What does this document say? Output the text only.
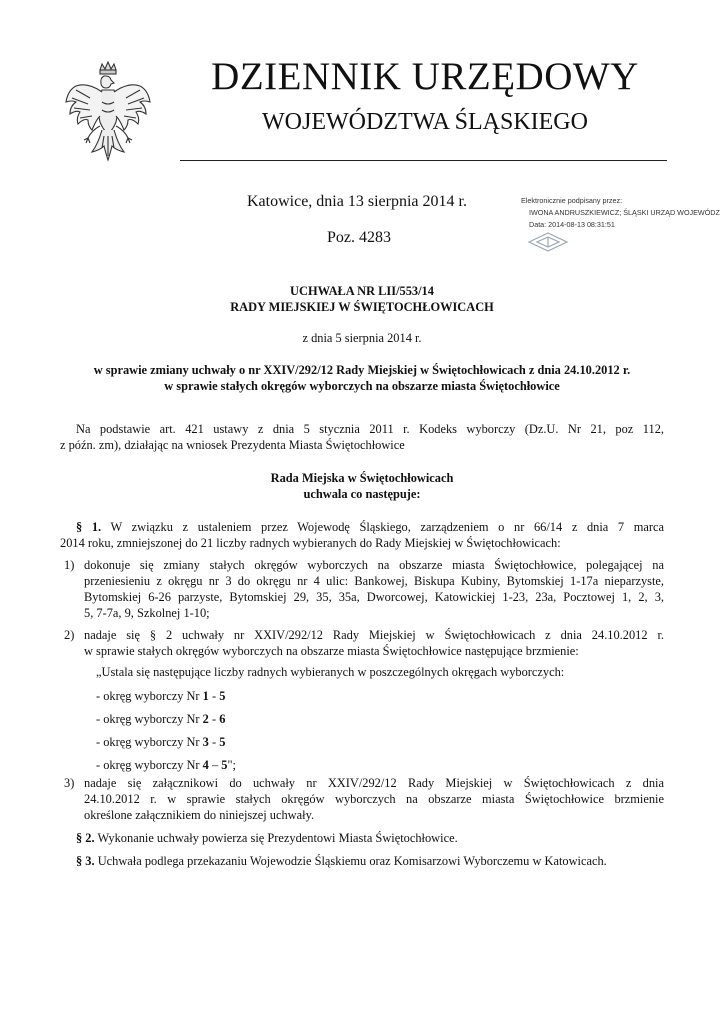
DZIENNIK URZĘDOWY
WOJEWÓDZTWA ŚLĄSKIEGO
Katowice, dnia 13 sierpnia 2014 r.
Poz. 4283
Elektronicznie podpisany przez:
IWONA ANDRUSZKIEWICZ; ŚLĄSKI URZĄD WOJEWÓDZ
Data: 2014-08-13 08:31:51
UCHWAŁA NR LII/553/14
RADY MIEJSKIEJ W ŚWIĘTOCHŁOWICACH
z dnia 5 sierpnia 2014 r.
w sprawie zmiany uchwały o nr XXIV/292/12 Rady Miejskiej w Świętochłowicach z dnia 24.10.2012 r.
w sprawie stałych okręgów wyborczych na obszarze miasta Świętochłowice
Na podstawie art. 421 ustawy z dnia 5 stycznia 2011 r. Kodeks wyborczy (Dz.U. Nr 21, poz 112,
z późn. zm), działając na wniosek Prezydenta Miasta Świętochłowice
Rada Miejska w Świętochłowicach
uchwala co następuje:
§ 1. W związku z ustaleniem przez Wojewodę Śląskiego, zarządzeniem o nr 66/14 z dnia 7 marca
2014 roku, zmniejszonej do 21 liczby radnych wybieranych do Rady Miejskiej w Świętochłowicach:
1) dokonuje się zmiany stałych okręgów wyborczych na obszarze miasta Świętochłowice, polegającej na
przeniesieniu z okręgu nr 3 do okręgu nr 4 ulic: Bankowej, Biskupa Kubiny, Bytomskiej 1-17a nieparzyste,
Bytomskiej 6-26 parzyste, Bytomskiej 29, 35, 35a, Dworcowej, Katowickiej 1-23, 23a, Pocztowej 1, 2, 3,
5, 7-7a, 9, Szkolnej 1-10;
2) nadaje się § 2 uchwały nr XXIV/292/12 Rady Miejskiej w Świętochłowicach z dnia 24.10.2012 r.
w sprawie stałych okręgów wyborczych na obszarze miasta Świętochłowice następujące brzmienie:
3) nadaje się załącznikowi do uchwały nr XXIV/292/12 Rady Miejskiej w Świętochłowicach z dnia
24.10.2012 r. w sprawie stałych okręgów wyborczych na obszarze miasta Świętochłowice brzmienie
określone załącznikiem do niniejszej uchwały.
„Ustala się następujące liczby radnych wybieranych w poszczególnych okręgach wyborczych:
- okręg wyborczy Nr 1 - 5
- okręg wyborczy Nr 2 - 6
- okręg wyborczy Nr 3 - 5
- okręg wyborczy Nr 4 – 5";
§ 2. Wykonanie uchwały powierza się Prezydentowi Miasta Świętochłowice.
§ 3. Uchwała podlega przekazaniu Wojewodzie Śląskiemu oraz Komisarzowi Wyborczemu w Katowicach.
